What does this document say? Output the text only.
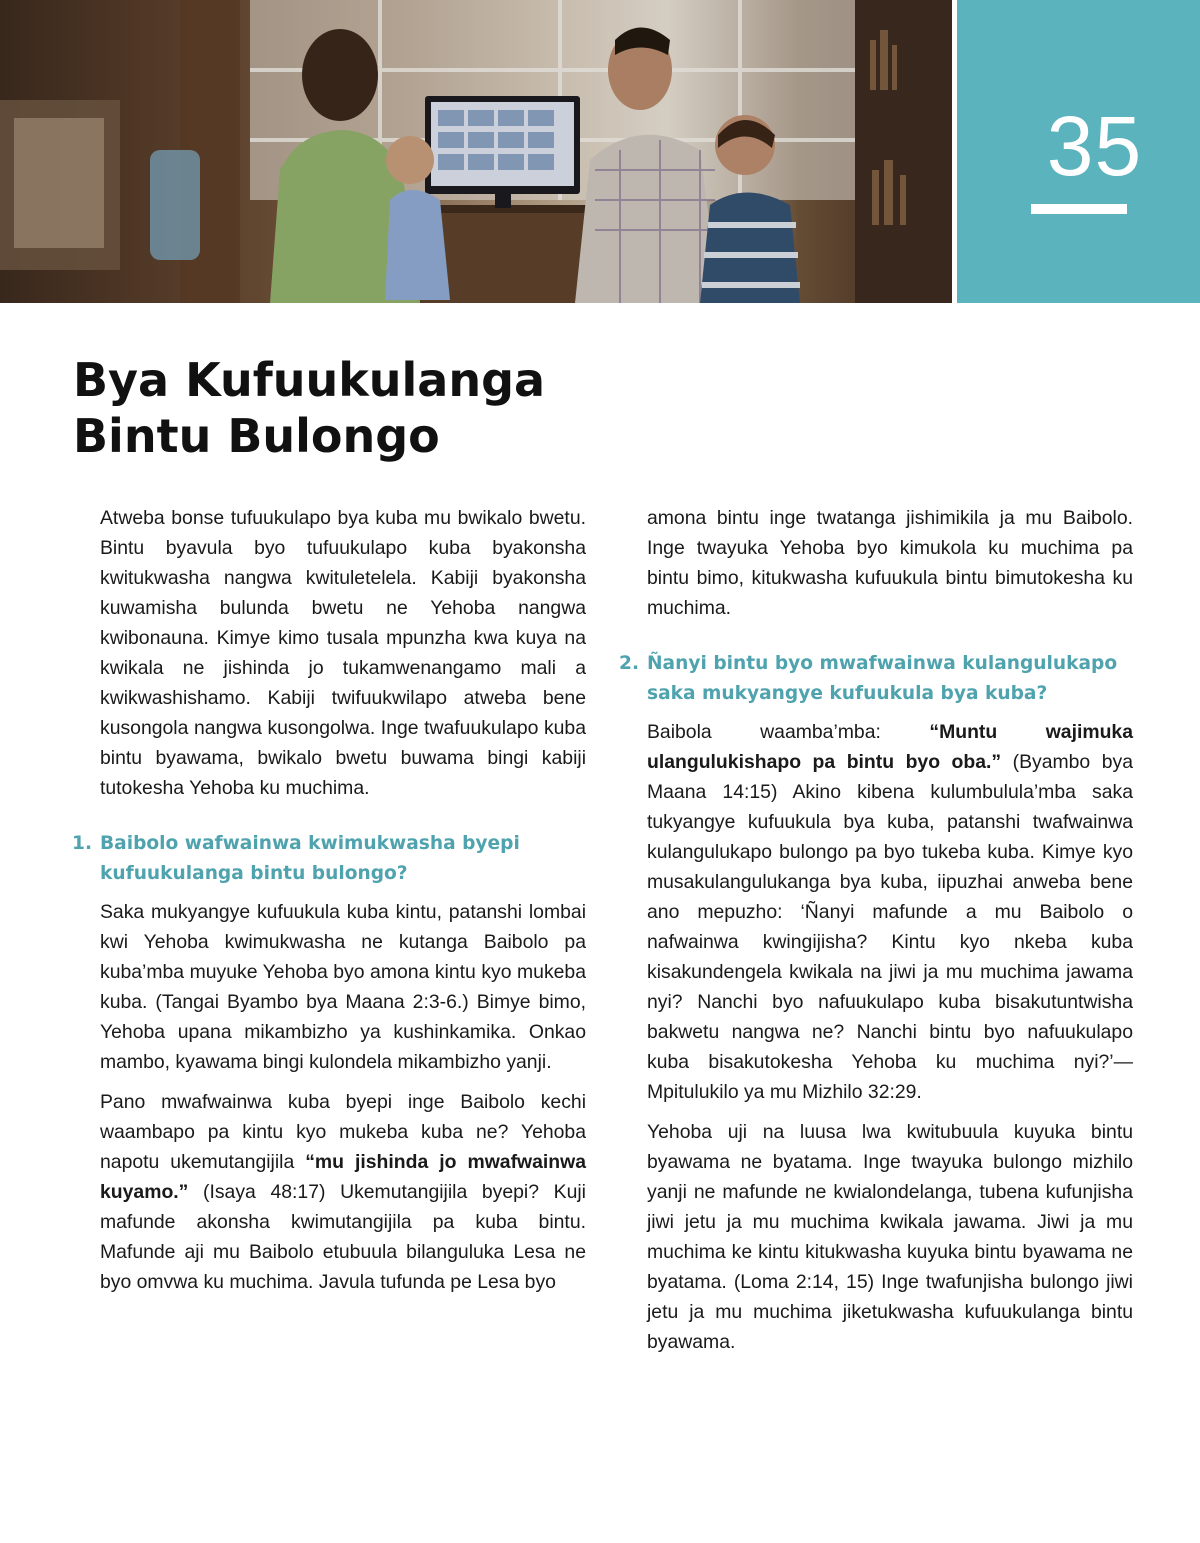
35
Bya Kufuukulanga
Bintu Bulongo

Atweba bonse tufuukulapo bya kuba mu bwikalo bwetu. Bintu byavula byo tufuukulapo kuba byakonsha kwitukwasha nangwa kwituletelela. Kabiji byakonsha kuwamisha bulunda bwetu ne Yehoba nangwa kwibonauna. Kimye kimo tusala mpunzha kwa kuya na kwikala ne jishinda jo tukamwenangamo mali a kwikwashishamo. Kabiji twifuukwilapo atweba bene kusongola nangwa kusongolwa. Inge twafuukulapo kuba bintu byawama, bwikalo bwetu buwama bingi kabiji tutokesha Yehoba ku muchima.

1. Baibolo wafwainwa kwimukwasha byepi kufuukulanga bintu bulongo?

Saka mukyangye kufuukula kuba kintu, patanshi lombai kwi Yehoba kwimukwasha ne kutanga Baibolo pa kuba’mba muyuke Yehoba byo amona kintu kyo mukeba kuba. (Tangai Byambo bya Maana 2:3-6.) Bimye bimo, Yehoba upana mikambizho ya kushinkamika. Onkao mambo, kyawama bingi kulondela mikambizho yanji.

Pano mwafwainwa kuba byepi inge Baibolo kechi waambapo pa kintu kyo mukeba kuba ne? Yehoba napotu ukemutangijila “mu jishinda jo mwafwainwa kuyamo.” (Isaya 48:17) Ukemutangijila byepi? Kuji mafunde akonsha kwimutangijila pa kuba bintu. Mafunde aji mu Baibolo etubuula bilanguluka Lesa ne byo omvwa ku muchima. Javula tufunda pe Lesa byo

amona bintu inge twatanga jishimikila ja mu Baibolo. Inge twayuka Yehoba byo kimukola ku muchima pa bintu bimo, kitukwasha kufuukula bintu bimutokesha ku muchima.

2. Ñanyi bintu byo mwafwainwa kulangulukapo saka mukyangye kufuukula bya kuba?

Baibola waamba’mba: “Muntu wajimuka ulangulukishapo pa bintu byo oba.” (Byambo bya Maana 14:15) Akino kibena kulumbulula’mba saka tukyangye kufuukula bya kuba, patanshi twafwainwa kulangulukapo bulongo pa byo tukeba kuba. Kimye kyo musakulangulukanga bya kuba, iipuzhai anweba bene ano mepuzho: ‘Ñanyi mafunde a mu Baibolo o nafwainwa kwingijisha? Kintu kyo nkeba kuba kisakundengela kwikala na jiwi ja mu muchima jawama nyi? Nanchi byo nafuukulapo kuba bisakutuntwisha bakwetu nangwa ne? Nanchi bintu byo nafuukulapo kuba bisakutokesha Yehoba ku muchima nyi?’—Mpitulukilo ya mu Mizhilo 32:29.

Yehoba uji na luusa lwa kwitubuula kuyuka bintu byawama ne byatama. Inge twayuka bulongo mizhilo yanji ne mafunde ne kwialondelanga, tubena kufunjisha jiwi jetu ja mu muchima kwikala jawama. Jiwi ja mu muchima ke kintu kitukwasha kuyuka bintu byawama ne byatama. (Loma 2:14, 15) Inge twafunjisha bulongo jiwi jetu ja mu muchima jiketukwasha kufuukulanga bintu byawama.
